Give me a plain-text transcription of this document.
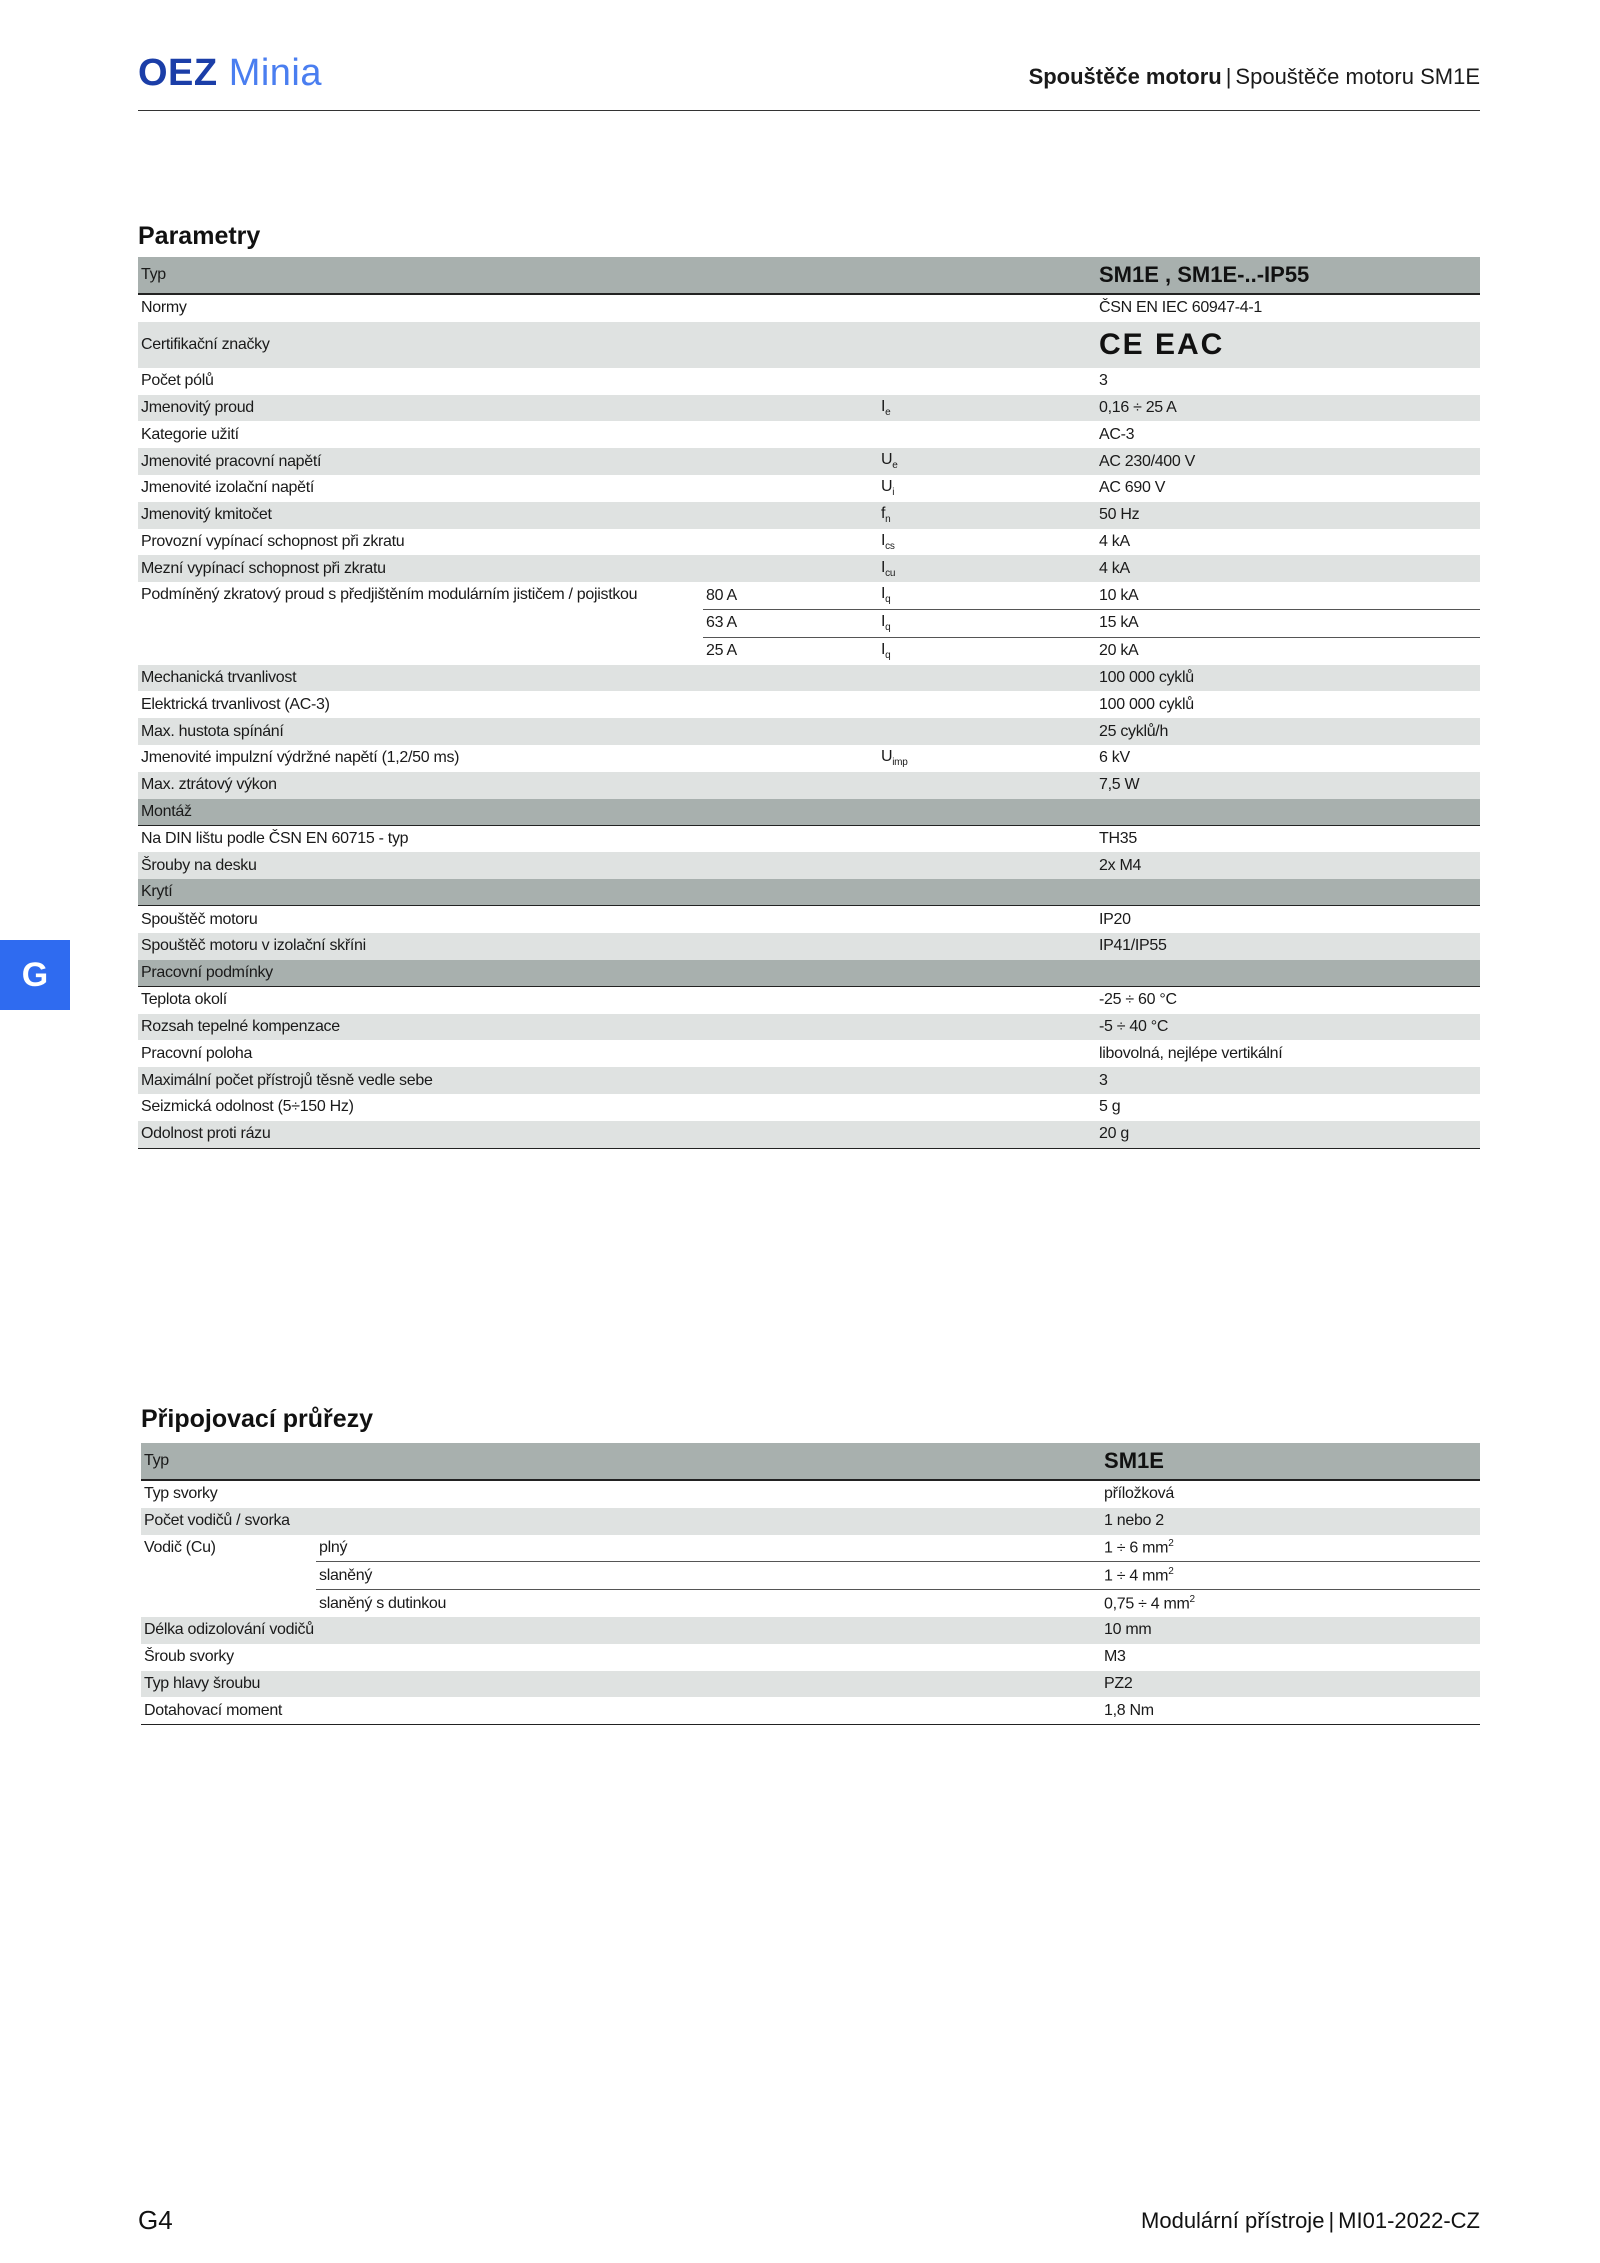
OEZ Minia	Spouštěče motoru | Spouštěče motoru SM1E
G
Parametry
Typ			SM1E , SM1E-..-IP55
Normy			ČSN EN IEC 60947-4-1
Certifikační značky			CE EAC
Počet pólů			3
Jmenovitý proud		$I_e$	0,16 ÷ 25 A
Kategorie užití			AC-3
Jmenovité pracovní napětí		$U_e$	AC 230/400 V
Jmenovité izolační napětí		$U_i$	AC 690 V
Jmenovitý kmitočet		$f_n$	50 Hz
Provozní vypínací schopnost při zkratu		$I_{cs}$	4 kA
Mezní vypínací schopnost při zkratu		$I_{cu}$	4 kA
Podmíněný zkratový proud s předjištěním modulárním jističem / pojistkou	80 A	$I_q$	10 kA
	63 A	$I_q$	15 kA
	25 A	$I_q$	20 kA
Mechanická trvanlivost			100 000 cyklů
Elektrická trvanlivost (AC-3)			100 000 cyklů
Max. hustota spínání			25 cyklů/h
Jmenovité impulzní výdržné napětí (1,2/50 ms)		$U_{imp}$	6 kV
Max. ztrátový výkon			7,5 W
Montáž			
Na DIN lištu podle ČSN EN 60715 - typ			TH35
Šrouby na desku			2x M4
Krytí			
Spouštěč motoru			IP20
Spouštěč motoru v izolační skříni			IP41/IP55
Pracovní podmínky			
Teplota okolí			-25 ÷ 60 °C
Rozsah tepelné kompenzace			-5 ÷ 40 °C
Pracovní poloha			libovolná, nejlépe vertikální
Maximální počet přístrojů těsně vedle sebe			3
Seizmická odolnost (5÷150 Hz)			5 g
Odolnost proti rázu			20 g
Připojovací průřezy
Typ		SM1E
Typ svorky		příložková
Počet vodičů / svorka		1 nebo 2
Vodič (Cu)	plný	1 ÷ 6 $mm^2$
	slaněný	1 ÷ 4 $mm^2$
	slaněný s dutinkou	0,75 ÷ 4 $mm^2$
Délka odizolování vodičů		10 mm
Šroub svorky		M3
Typ hlavy šroubu		PZ2
Dotahovací moment		1,8 Nm
G4	Modulární přístroje | MI01-2022-CZ
